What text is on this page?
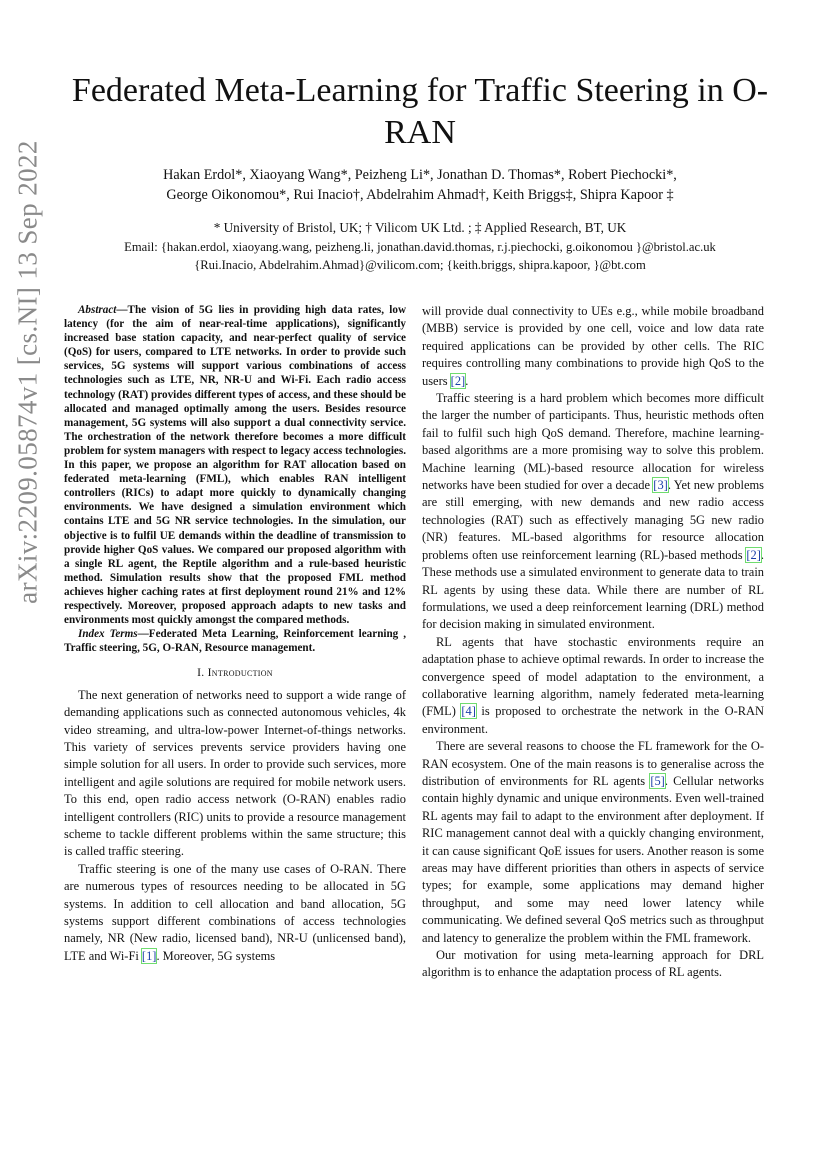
arXiv:2209.05874v1 [cs.NI] 13 Sep 2022
Federated Meta-Learning for Traffic Steering in O-RAN
Hakan Erdol*, Xiaoyang Wang*, Peizheng Li*, Jonathan D. Thomas*, Robert Piechocki*,
George Oikonomou*, Rui Inacio†, Abdelrahim Ahmad†, Keith Briggs‡, Shipra Kapoor ‡
* University of Bristol, UK; † Vilicom UK Ltd. ; ‡ Applied Research, BT, UK
Email: {hakan.erdol, xiaoyang.wang, peizheng.li, jonathan.david.thomas, r.j.piechocki, g.oikonomou }@bristol.ac.uk
{Rui.Inacio, Abdelrahim.Ahmad}@vilicom.com; {keith.briggs, shipra.kapoor, }@bt.com

Abstract—The vision of 5G lies in providing high data rates, low latency (for the aim of near-real-time applications), significantly increased base station capacity, and near-perfect quality of service (QoS) for users, compared to LTE networks. In order to provide such services, 5G systems will support various combinations of access technologies such as LTE, NR, NR-U and Wi-Fi. Each radio access technology (RAT) provides different types of access, and these should be allocated and managed optimally among the users. Besides resource management, 5G systems will also support a dual connectivity service. The orchestration of the network therefore becomes a more difficult problem for system managers with respect to legacy access technologies. In this paper, we propose an algorithm for RAT allocation based on federated meta-learning (FML), which enables RAN intelligent controllers (RICs) to adapt more quickly to dynamically changing environments. We have designed a simulation environment which contains LTE and 5G NR service technologies. In the simulation, our objective is to fulfil UE demands within the deadline of transmission to provide higher QoS values. We compared our proposed algorithm with a single RL agent, the Reptile algorithm and a rule-based heuristic method. Simulation results show that the proposed FML method achieves higher caching rates at first deployment round 21% and 12% respectively. Moreover, proposed approach adapts to new tasks and environments most quickly amongst the compared methods.

Index Terms—Federated Meta Learning, Reinforcement learning , Traffic steering, 5G, O-RAN, Resource management.

I. Introduction

The next generation of networks need to support a wide range of demanding applications such as connected autonomous vehicles, 4k video streaming, and ultra-low-power Internet-of-things networks. This variety of services prevents service providers having one simple solution for all users. In order to provide such services, more intelligent and agile solutions are required for mobile network users. To this end, open radio access network (O-RAN) enables radio intelligent controllers (RIC) units to provide a resource management scheme to tackle different problems within the same structure; this is called traffic steering.

Traffic steering is one of the many use cases of O-RAN. There are numerous types of resources needing to be allocated in 5G systems. In addition to cell allocation and band allocation, 5G systems support different combinations of access technologies namely, NR (New radio, licensed band), NR-U (unlicensed band), LTE and Wi-Fi [1]. Moreover, 5G systems

will provide dual connectivity to UEs e.g., while mobile broadband (MBB) service is provided by one cell, voice and low data rate required applications can be provided by other cells. The RIC requires controlling many combinations to provide high QoS to the users [2].

Traffic steering is a hard problem which becomes more difficult the larger the number of participants. Thus, heuristic methods often fail to fulfil such high QoS demand. Therefore, machine learning-based algorithms are a more promising way to solve this problem. Machine learning (ML)-based resource allocation for wireless networks have been studied for over a decade [3]. Yet new problems are still emerging, with new demands and new radio access technologies (RAT) such as effectively managing 5G new radio (NR) features. ML-based algorithms for resource allocation problems often use reinforcement learning (RL)-based methods [2]. These methods use a simulated environment to generate data to train RL agents by using these data. While there are number of RL formulations, we used a deep reinforcement learning (DRL) method for decision making in simulated environment.

RL agents that have stochastic environments require an adaptation phase to achieve optimal rewards. In order to increase the convergence speed of model adaptation to the environment, a collaborative learning algorithm, namely federated meta-learning (FML) [4] is proposed to orchestrate the network in the O-RAN environment.

There are several reasons to choose the FL framework for the O-RAN ecosystem. One of the main reasons is to generalise across the distribution of environments for RL agents [5]. Cellular networks contain highly dynamic and unique environments. Even well-trained RL agents may fail to adapt to the environment after deployment. If RIC management cannot deal with a quickly changing environment, it can cause significant QoE issues for users. Another reason is some areas may have different priorities than others in aspects of service types; for example, some applications may demand higher throughput, and some may need lower latency while communicating. We defined several QoS metrics such as throughput and latency to generalize the problem within the FML framework.

Our motivation for using meta-learning approach for DRL algorithm is to enhance the adaptation process of RL agents.
